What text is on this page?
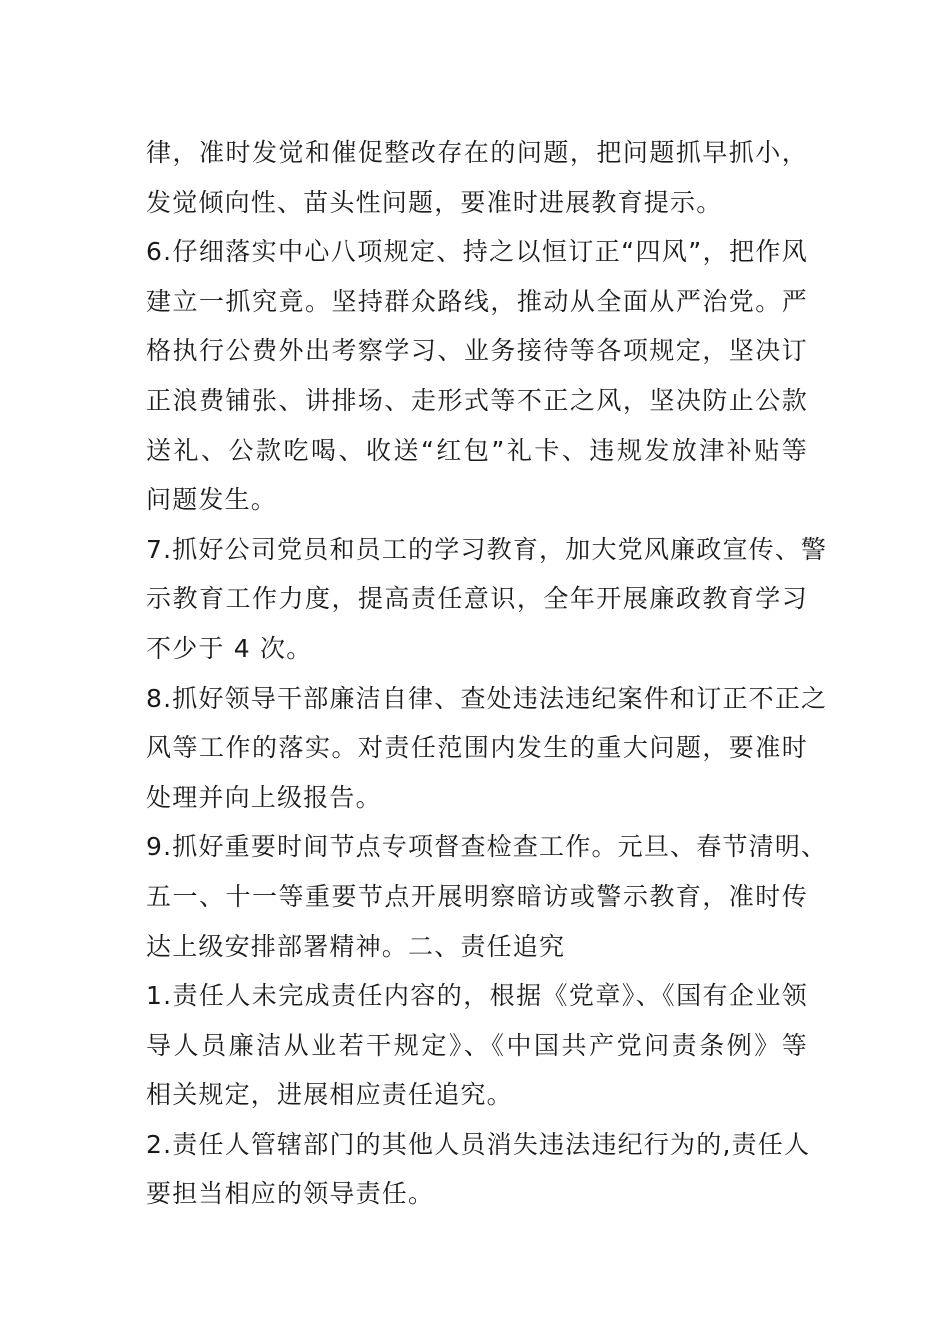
律，准时发觉和催促整改存在的问题，把问题抓早抓小，
发觉倾向性、苗头性问题，要准时进展教育提示。
6.仔细落实中心八项规定、持之以恒订正“四风”，把作风
建立一抓究竟。坚持群众路线，推动从全面从严治党。严
格执行公费外出考察学习、业务接待等各项规定，坚决订
正浪费铺张、讲排场、走形式等不正之风，坚决防止公款
送礼、公款吃喝、收送“红包”礼卡、违规发放津补贴等
问题发生。
7.抓好公司党员和员工的学习教育，加大党风廉政宣传、警
示教育工作力度，提高责任意识，全年开展廉政教育学习
不少于 4 次。
8.抓好领导干部廉洁自律、查处违法违纪案件和订正不正之
风等工作的落实。对责任范围内发生的重大问题，要准时
处理并向上级报告。
9.抓好重要时间节点专项督查检查工作。元旦、春节清明、
五一、十一等重要节点开展明察暗访或警示教育，准时传
达上级安排部署精神。二、责任追究
1.责任人未完成责任内容的，根据《党章》、《国有企业领
导人员廉洁从业若干规定》、《中国共产党问责条例》等
相关规定，进展相应责任追究。
2.责任人管辖部门的其他人员消失违法违纪行为的,责任人
要担当相应的领导责任。
